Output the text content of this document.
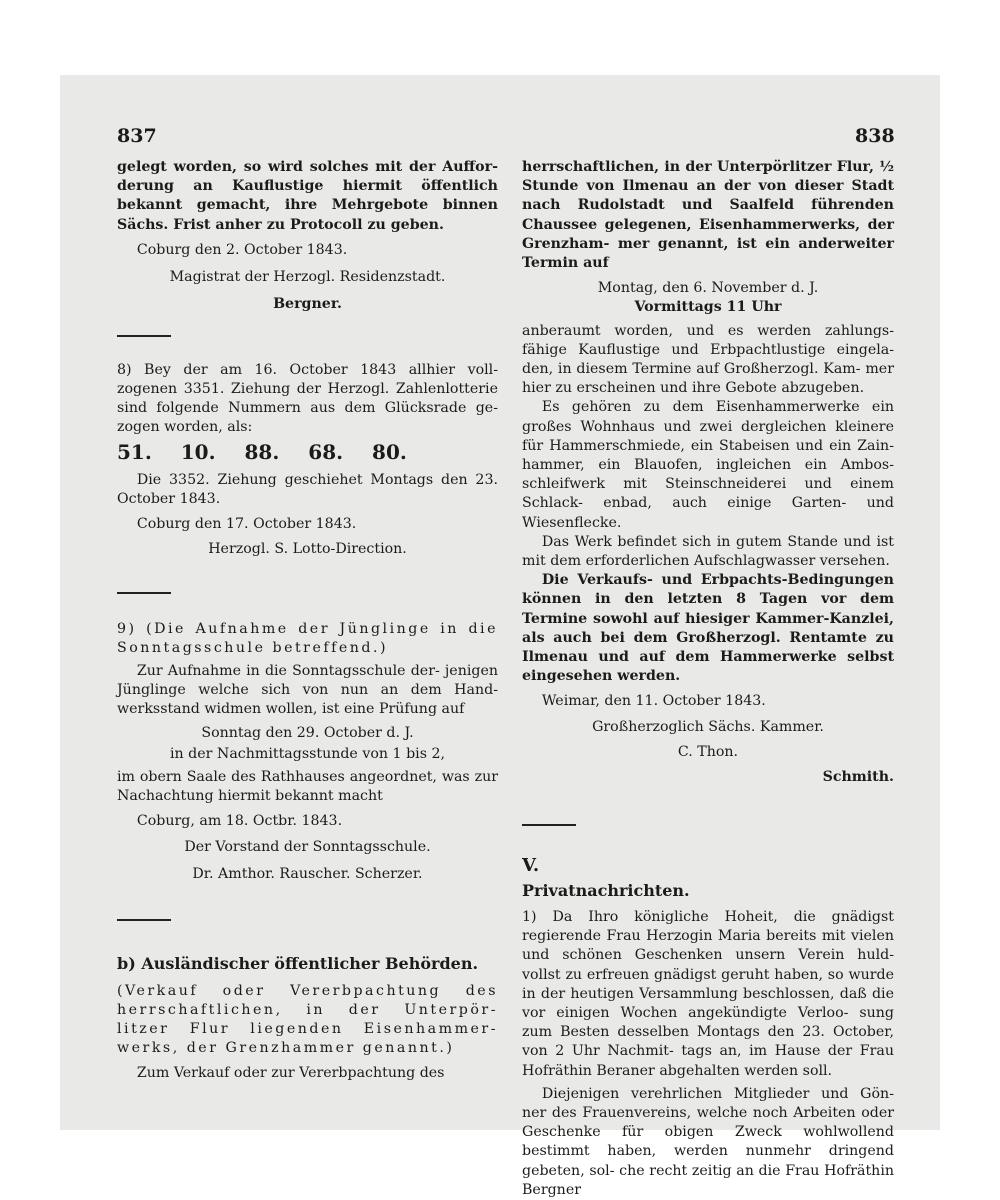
837	838

gelegt worden, so wird solches mit der Auffor- derung an Kauflustige hiermit öffentlich bekannt gemacht, ihre Mehrgebote binnen Sächs. Frist anher zu Protocoll zu geben.

Coburg den 2. October 1843.

Magistrat der Herzogl. Residenzstadt.

Bergner.

8) Bey der am 16. October 1843 allhier voll- zogenen 3351. Ziehung der Herzogl. Zahlenlotterie sind folgende Nummern aus dem Glücksrade ge- zogen worden, als:

51. 10. 88. 68. 80.

Die 3352. Ziehung geschiehet Montags den 23. October 1843.

Coburg den 17. October 1843.

Herzogl. S. Lotto-Direction.

9) (Die Aufnahme der Jünglinge in die Sonntagsschule betreffend.)

Zur Aufnahme in die Sonntagsschule der- jenigen Jünglinge welche sich von nun an dem Hand- werksstand widmen wollen, ist eine Prüfung auf

Sonntag den 29. October d. J.

in der Nachmittagsstunde von 1 bis 2,

im obern Saale des Rathhauses angeordnet, was zur Nachachtung hiermit bekannt macht

Coburg, am 18. Octbr. 1843.

Der Vorstand der Sonntagsschule.

Dr. Amthor. Rauscher. Scherzer.

b) Ausländischer öffentlicher Behörden.

(Verkauf oder Vererbpachtung des herrschaftlichen, in der Unterpör- litzer Flur liegenden Eisenhammer- werks, der Grenzhammer genannt.)

Zum Verkauf oder zur Vererbpachtung des

herrschaftlichen, in der Unterpörlitzer Flur, ½ Stunde von Ilmenau an der von dieser Stadt nach Rudolstadt und Saalfeld führenden Chaussee gelegenen, Eisenhammerwerks, der Grenzham- mer genannt, ist ein anderweiter Termin auf

Montag, den 6. November d. J.

Vormittags 11 Uhr

anberaumt worden, und es werden zahlungs- fähige Kauflustige und Erbpachtlustige eingela- den, in diesem Termine auf Großherzogl. Kam- mer hier zu erscheinen und ihre Gebote abzugeben.

Es gehören zu dem Eisenhammerwerke ein großes Wohnhaus und zwei dergleichen kleinere für Hammerschmiede, ein Stabeisen und ein Zain- hammer, ein Blauofen, ingleichen ein Ambos- schleifwerk mit Steinschneiderei und einem Schlack- enbad, auch einige Garten- und Wiesenflecke.

Das Werk befindet sich in gutem Stande und ist mit dem erforderlichen Aufschlagwasser versehen.

Die Verkaufs- und Erbpachts-Bedingungen können in den letzten 8 Tagen vor dem Termine sowohl auf hiesiger Kammer-Kanzlei, als auch bei dem Großherzogl. Rentamte zu Ilmenau und auf dem Hammerwerke selbst eingesehen werden.

Weimar, den 11. October 1843.

Großherzoglich Sächs. Kammer.

C. Thon.

Schmith.

V.

Privatnachrichten.

1) Da Ihro königliche Hoheit, die gnädigst regierende Frau Herzogin Maria bereits mit vielen und schönen Geschenken unsern Verein huld- vollst zu erfreuen gnädigst geruht haben, so wurde in der heutigen Versammlung beschlossen, daß die vor einigen Wochen angekündigte Verloo- sung zum Besten desselben Montags den 23. October, von 2 Uhr Nachmit- tags an, im Hause der Frau Hofräthin Beraner abgehalten werden soll.

Diejenigen verehrlichen Mitglieder und Gön- ner des Frauenvereins, welche noch Arbeiten oder Geschenke für obigen Zweck wohlwollend bestimmt haben, werden nunmehr dringend gebeten, sol- che recht zeitig an die Frau Hofräthin Bergner
